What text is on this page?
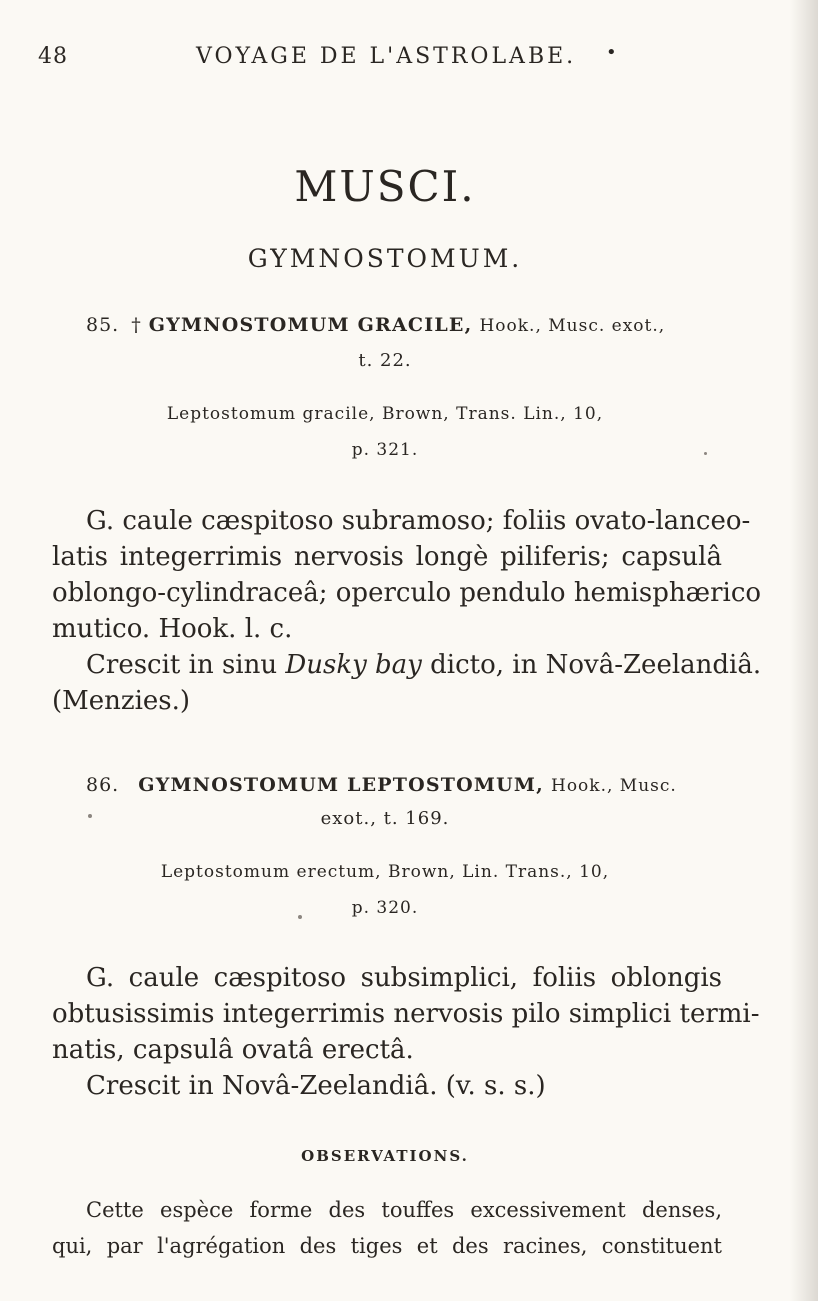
48	VOYAGE DE L'ASTROLABE. •
MUSCI.
GYMNOSTOMUM.
85. † GYMNOSTOMUM GRACILE, Hook., Musc. exot.,
t. 22.
Leptostomum gracile, Brown, Trans. Lin., 10,
p. 321.
G. caule cæspitoso subramoso; foliis ovato-lanceo-
latis integerrimis nervosis longè piliferis; capsulâ
oblongo-cylindraceâ; operculo pendulo hemisphærico
mutico. Hook. l. c.
Crescit in sinu Dusky bay dicto, in Novâ-Zeelandiâ.
(Menzies.)
86. GYMNOSTOMUM LEPTOSTOMUM, Hook., Musc.
exot., t. 169.
Leptostomum erectum, Brown, Lin. Trans., 10,
p. 320.
G. caule cæspitoso subsimplici, foliis oblongis
obtusissimis integerrimis nervosis pilo simplici termi-
natis, capsulâ ovatâ erectâ.
Crescit in Novâ-Zeelandiâ. (v. s. s.)
OBSERVATIONS.
Cette espèce forme des touffes excessivement denses,
qui, par l'agrégation des tiges et des racines, constituent
